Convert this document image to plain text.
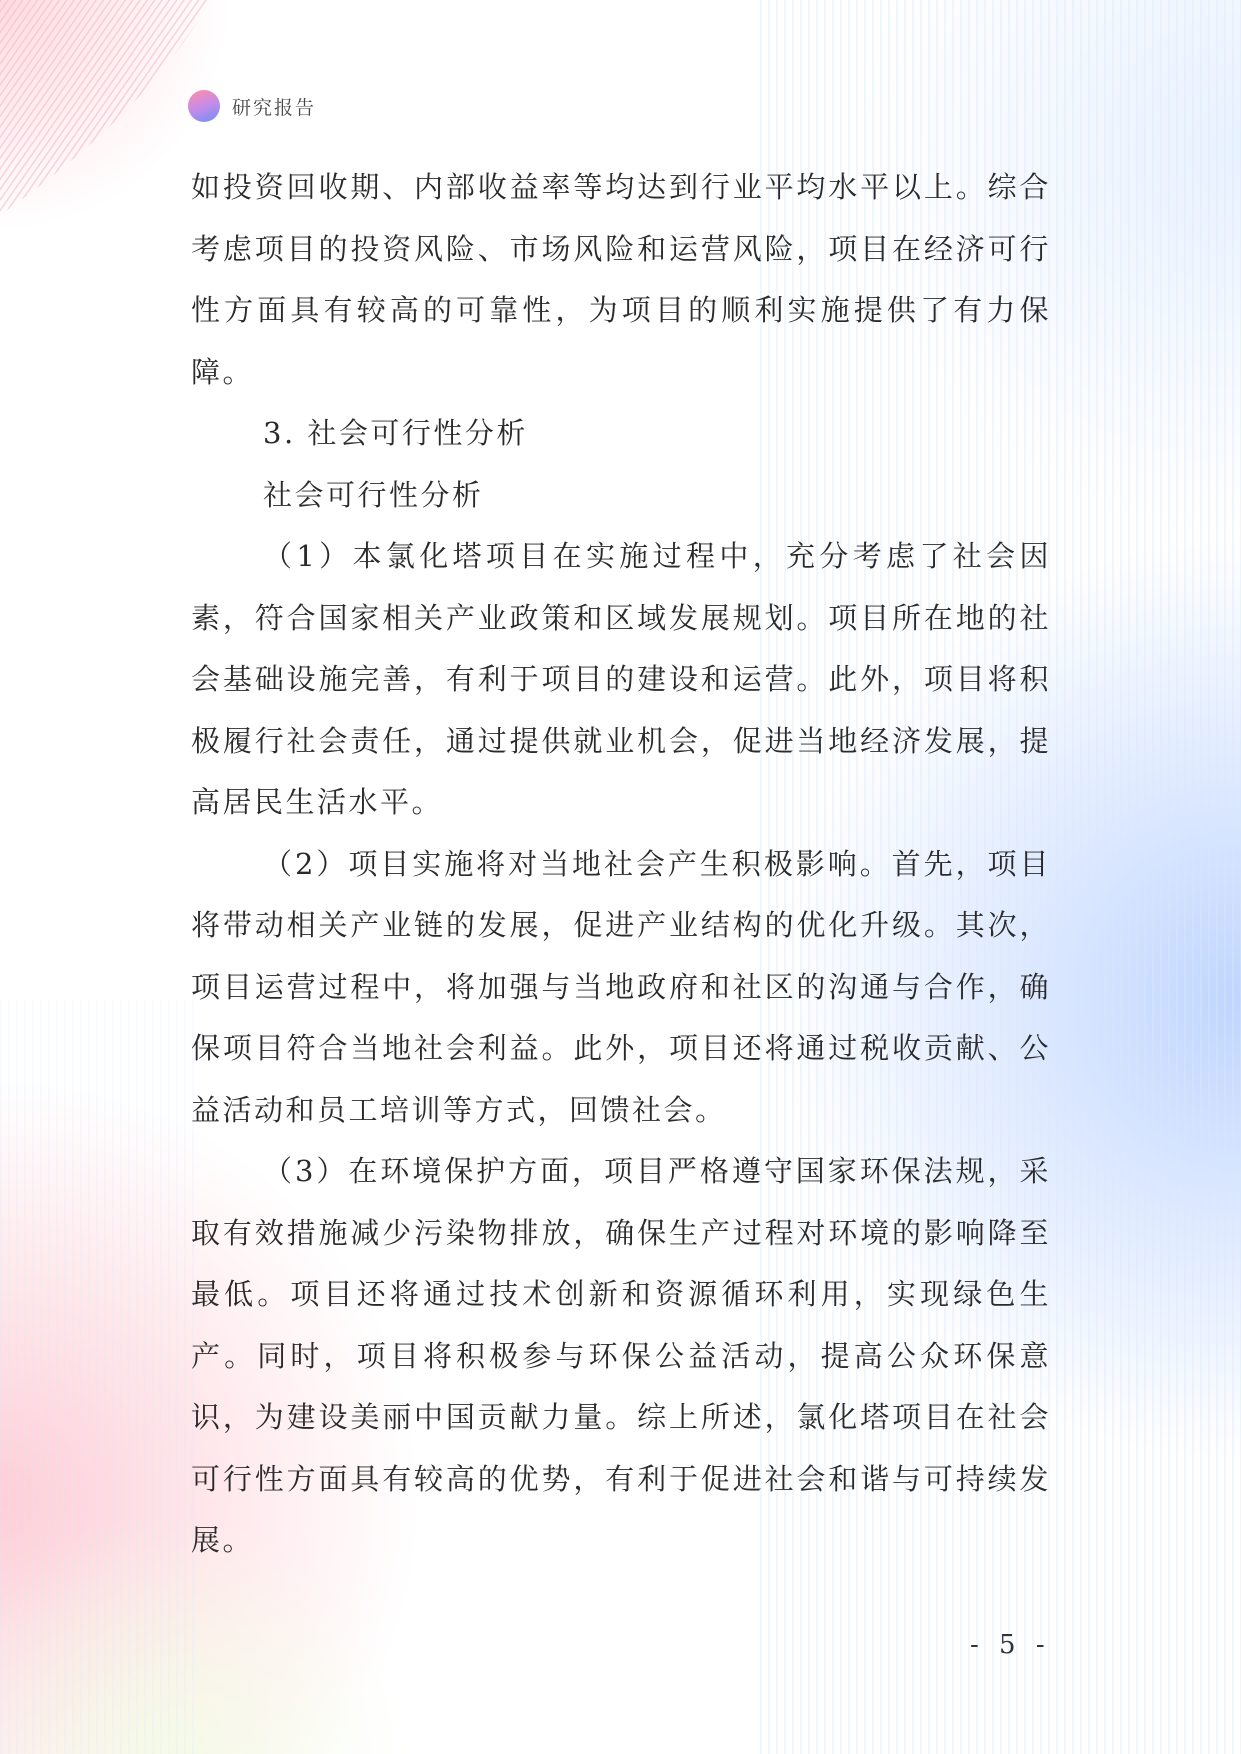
研究报告

如投资回收期、内部收益率等均达到行业平均水平以上。综合考虑项目的投资风险、市场风险和运营风险，项目在经济可行性方面具有较高的可靠性，为项目的顺利实施提供了有力保障。

3. 社会可行性分析

社会可行性分析

（1）本氯化塔项目在实施过程中，充分考虑了社会因素，符合国家相关产业政策和区域发展规划。项目所在地的社会基础设施完善，有利于项目的建设和运营。此外，项目将积极履行社会责任，通过提供就业机会，促进当地经济发展，提高居民生活水平。

（2）项目实施将对当地社会产生积极影响。首先，项目将带动相关产业链的发展，促进产业结构的优化升级。其次，项目运营过程中，将加强与当地政府和社区的沟通与合作，确保项目符合当地社会利益。此外，项目还将通过税收贡献、公益活动和员工培训等方式，回馈社会。

（3）在环境保护方面，项目严格遵守国家环保法规，采取有效措施减少污染物排放，确保生产过程对环境的影响降至最低。项目还将通过技术创新和资源循环利用，实现绿色生产。同时，项目将积极参与环保公益活动，提高公众环保意识，为建设美丽中国贡献力量。综上所述，氯化塔项目在社会可行性方面具有较高的优势，有利于促进社会和谐与可持续发展。

- 5 -
